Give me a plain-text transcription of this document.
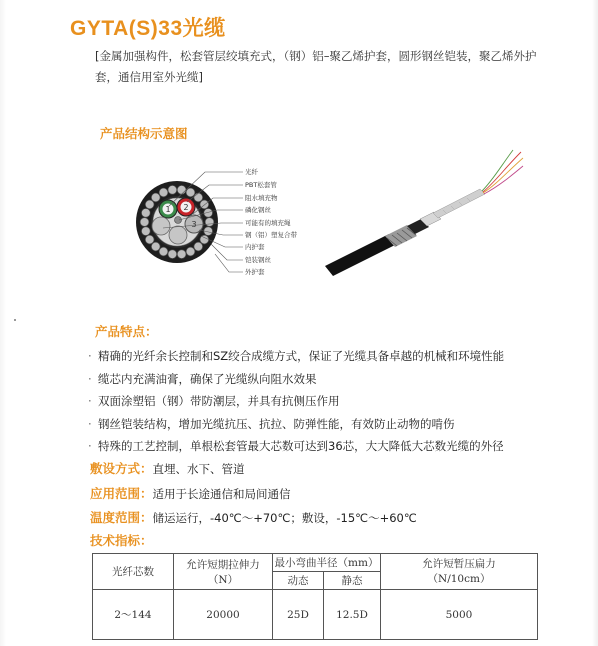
GYTA(S)33光缆
[金属加强构件，松套管层绞填充式，（钢）铝–聚乙烯护套，圆形钢丝铠装，聚乙烯外护套，通信用室外光缆]
产品结构示意图
1 2
3
光纤
PBT松套管
阻水填充物
磷化钢丝
可能有的填充绳
钢（铝）塑复合带
内护套
铠装钢丝
外护套
产品特点：
· 精确的光纤余长控制和SZ绞合成缆方式，保证了光缆具备卓越的机械和环境性能
· 缆芯内充满油膏，确保了光缆纵向阻水效果
· 双面涂塑铝（钢）带防潮层，并具有抗侧压作用
· 钢丝铠装结构，增加光缆抗压、抗拉、防弹性能，有效防止动物的啃伤
· 特殊的工艺控制，单根松套管最大芯数可达到36芯，大大降低大芯数光缆的外径
敷设方式：直埋、水下、管道
应用范围：适用于长途通信和局间通信
温度范围：储运运行，-40℃～+70℃；敷设，-15℃～+60℃
技术指标：
光纤芯数	允许短期拉伸力（N）	最小弯曲半径（mm）		允许短暂压扁力
（N/10cm）

		动态	静态	
2～144	20000	25D	12.5D	5000
